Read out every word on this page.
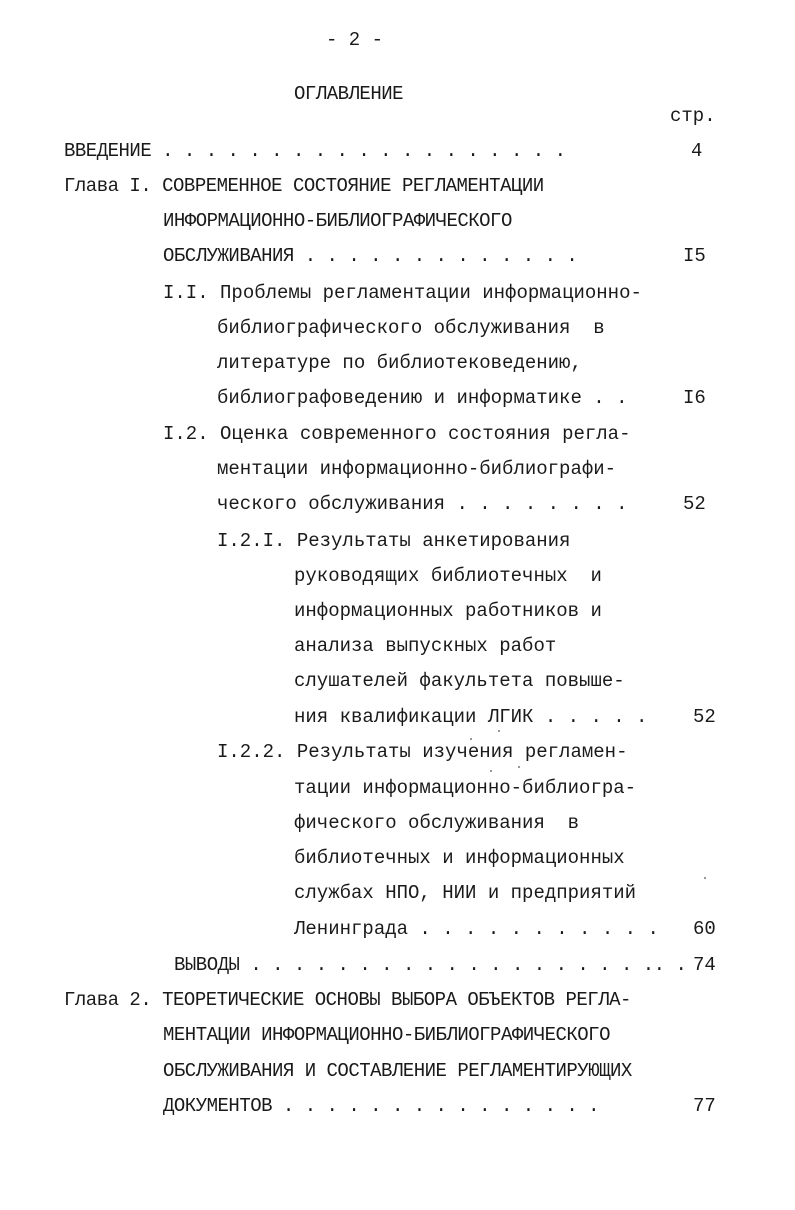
- 2 -
ОГЛАВЛЕНИЕ
стр.
ВВЕДЕНИЕ . . . . . . . . . . . . . . . . . . .	4
Глава I. СОВРЕМЕННОЕ СОСТОЯНИЕ РЕГЛАМЕНТАЦИИ
ИНФОРМАЦИОННО-БИБЛИОГРАФИЧЕСКОГО
ОБСЛУЖИВАНИЯ . . . . . . . . . . . . .	I5
I.I. Проблемы регламентации информационно-
библиографического обслуживания  в
литературе по библиотековедению,
библиографоведению и информатике . .	I6
I.2. Оценка современного состояния регла-
ментации информационно-библиографи-
ческого обслуживания . . . . . . . .	52
I.2.I. Результаты анкетирования
руководящих библиотечных  и
информационных работников и
анализа выпускных работ
слушателей факультета повыше-
ния квалификации ЛГИК . . . . . 52
I.2.2. Результаты изучения регламен-
тации информационно-библиогра-
фического обслуживания  в
библиотечных и информационных
службах НПО, НИИ и предприятий
Ленинграда . . . . . . . . . . . 60
ВЫВОДЫ . . . . . . . . . . . . . . . . . . .. . 74
Глава 2. ТЕОРЕТИЧЕСКИЕ ОСНОВЫ ВЫБОРА ОБЪЕКТОВ РЕГЛА-
МЕНТАЦИИ ИНФОРМАЦИОННО-БИБЛИОГРАФИЧЕСКОГО
ОБСЛУЖИВАНИЯ И СОСТАВЛЕНИЕ РЕГЛАМЕНТИРУЮЩИХ
ДОКУМЕНТОВ . . . . . . . . . . . . . . .	77
